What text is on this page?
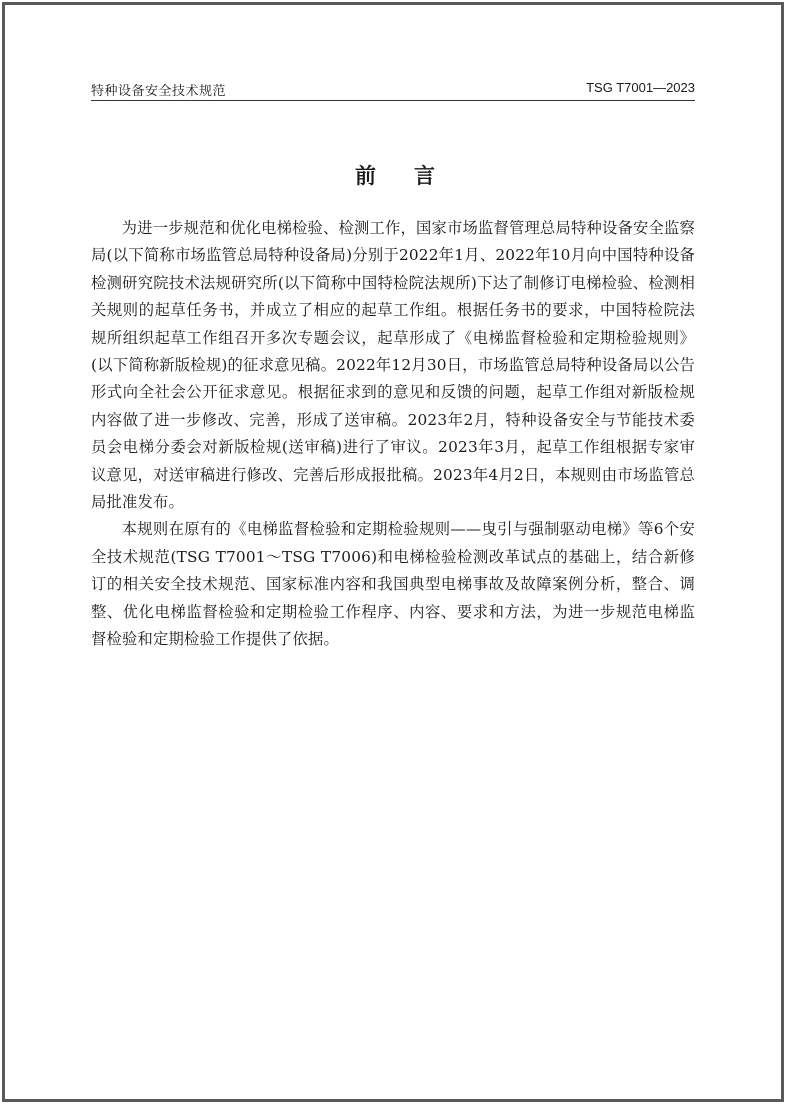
特种设备安全技术规范	TSG T7001—2023
前言

为进一步规范和优化电梯检验、检测工作，国家市场监督管理总局特种设备安全监察局(以下简称市场监管总局特种设备局)分别于2022年1月、2022年10月向中国特种设备检测研究院技术法规研究所(以下简称中国特检院法规所)下达了制修订电梯检验、检测相关规则的起草任务书，并成立了相应的起草工作组。根据任务书的要求，中国特检院法规所组织起草工作组召开多次专题会议，起草形成了《电梯监督检验和定期检验规则》(以下简称新版检规)的征求意见稿。2022年12月30日，市场监管总局特种设备局以公告形式向全社会公开征求意见。根据征求到的意见和反馈的问题，起草工作组对新版检规内容做了进一步修改、完善，形成了送审稿。2023年2月，特种设备安全与节能技术委员会电梯分委会对新版检规(送审稿)进行了审议。2023年3月，起草工作组根据专家审议意见，对送审稿进行修改、完善后形成报批稿。2023年4月2日，本规则由市场监管总局批准发布。

本规则在原有的《电梯监督检验和定期检验规则——曳引与强制驱动电梯》等6个安全技术规范(TSG T7001～TSG T7006)和电梯检验检测改革试点的基础上，结合新修订的相关安全技术规范、国家标准内容和我国典型电梯事故及故障案例分析，整合、调整、优化电梯监督检验和定期检验工作程序、内容、要求和方法，为进一步规范电梯监督检验和定期检验工作提供了依据。
